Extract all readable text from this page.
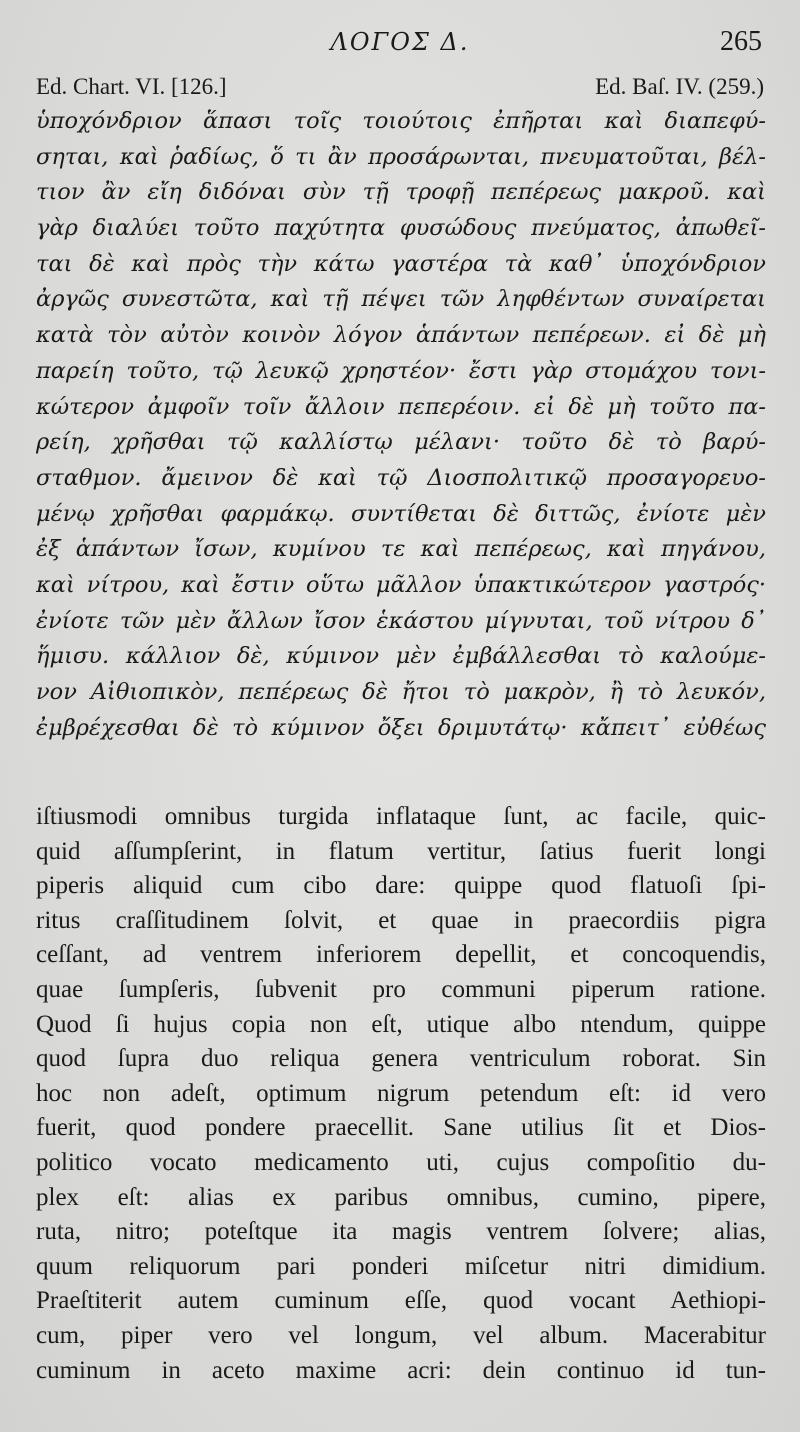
ΛΟΓΟΣ Δ.	265
Ed. Chart. VI. [126.]	Ed. Baſ. IV. (259.)
ὑποχόνδριον ἅπασι τοῖς τοιούτοις ἐπῆρται καὶ διαπεφύ-
σηται, καὶ ῥαδίως, ὅ τι ἂν προσάρωνται, πνευματοῦται, βέλ-
τιον ἂν εἴη διδόναι σὺν τῇ τροφῇ πεπέρεως μακροῦ. καὶ
γὰρ διαλύει τοῦτο παχύτητα φυσώδους πνεύματος, ἀπωθεῖ-
ται δὲ καὶ πρὸς τὴν κάτω γαστέρα τὰ καθ᾽ ὑποχόνδριον
ἀργῶς συνεστῶτα, καὶ τῇ πέψει τῶν ληφθέντων συναίρεται
κατὰ τὸν αὐτὸν κοινὸν λόγον ἁπάντων πεπέρεων. εἰ δὲ μὴ
παρείη τοῦτο, τῷ λευκῷ χρηστέον· ἔστι γὰρ στομάχου τονι-
κώτερον ἀμφοῖν τοῖν ἄλλοιν πεπερέοιν. εἰ δὲ μὴ τοῦτο πα-
ρείη, χρῆσθαι τῷ καλλίστῳ μέλανι· τοῦτο δὲ τὸ βαρύ-
σταθμον. ἄμεινον δὲ καὶ τῷ Διοσπολιτικῷ προσαγορευο-
μένῳ χρῆσθαι φαρμάκῳ. συντίθεται δὲ διττῶς, ἐνίοτε μὲν
ἐξ ἁπάντων ἴσων, κυμίνου τε καὶ πεπέρεως, καὶ πηγάνου,
καὶ νίτρου, καὶ ἔστιν οὕτω μᾶλλον ὑπακτικώτερον γαστρός·
ἐνίοτε τῶν μὲν ἄλλων ἴσον ἑκάστου μίγνυται, τοῦ νίτρου δ᾽
ἥμισυ. κάλλιον δὲ, κύμινον μὲν ἐμβάλλεσθαι τὸ καλούμε-
νον Αἰθιοπικὸν, πεπέρεως δὲ ἤτοι τὸ μακρὸν, ἢ τὸ λευκόν,
ἐμβρέχεσθαι δὲ τὸ κύμινον ὄξει δριμυτάτῳ· κἄπειτ᾽ εὐθέως
iſtiusmodi omnibus turgida inflataque ſunt, ac facile, quic-
quid aſſumpſerint, in flatum vertitur, ſatius fuerit longi
piperis aliquid cum cibo dare: quippe quod flatuoſi ſpi-
ritus craſſitudinem ſolvit, et quae in praecordiis pigra
ceſſant, ad ventrem inferiorem depellit, et concoquendis,
quae ſumpſeris, ſubvenit pro communi piperum ratione.
Quod ſi hujus copia non eſt, utique albo ntendum, quippe
quod ſupra duo reliqua genera ventriculum roborat. Sin
hoc non adeſt, optimum nigrum petendum eſt: id vero
fuerit, quod pondere praecellit. Sane utilius ſit et Dios-
politico vocato medicamento uti, cujus compoſitio du-
plex eſt: alias ex paribus omnibus, cumino, pipere,
ruta, nitro; poteſtque ita magis ventrem ſolvere; alias,
quum reliquorum pari ponderi miſcetur nitri dimidium.
Praeſtiterit autem cuminum eſſe, quod vocant Aethiopi-
cum, piper vero vel longum, vel album. Macerabitur
cuminum in aceto maxime acri: dein continuo id tun-
